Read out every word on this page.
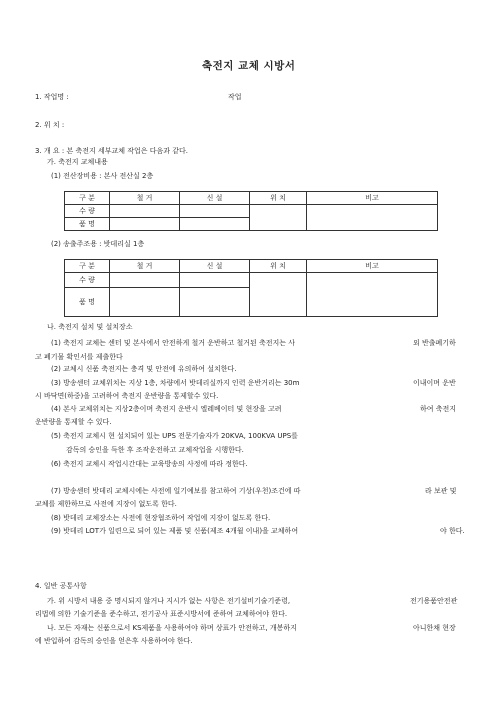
축전지 교체 시방서
1. 작업명 :	작업
2. 위 치 :
3. 개 요 : 본 축전지 세부교체 작업은 다음과 같다.
가. 축전지 교체내용
(1) 전산장비용 : 본사 전산실 2층
구 분	철 거	신 설	위 치	비고
수 량				
품 명				
(2) 송출주조용 : 밧데리실 1층
구 분	철 거	신 설	위 치	비고
수 량				
품 명				
나. 축전지 설치 및 설치장소
(1) 축전지 교체는 센터 및 본사에서 안전하게 철거 운반하고 철거된 축전지는 사	외 반출폐기하
고 폐기물 확인서를 제출한다
(2) 교체시 신품 축전지는 충격 및 안전에 유의하여 설치한다.
(3) 방송센터 교체위치는 지상 1층, 차량에서 밧데리실까지 인력 운반거리는 30m	이내이며 운반
시 바닥면(하중)을 고려하여 축전지 운반량을 통제할수 있다.
(4) 본사 교체위치는 지상2층이며 축전지 운반시 엘레베이터 및 현장을 고려	하여 축전지
운반량을 통제할 수 있다.
(5) 축전지 교체시 현 설치되어 있는 UPS 전문기술자가 20KVA, 100KVA UPS를
감독의 승인을 득한 후 조작운전하고 교체작업을 시행한다.
(6) 축전지 교체시 작업시간대는 교육방송의 사정에 따라 정한다.
(7) 방송센터 밧데리 교체시에는 사전에 일기예보를 참고하여 기상(우천)조건에 따	라 보관 및
교체를 제한하므로 사전에 지장이 없도록 한다.
(8) 밧데리 교체장소는 사전에 현장협조하여 작업에 지장이 없도록 한다.
(9) 밧데리 LOT가 일련으로 되어 있는 제품 및 신품(제조 4개월 이내)을 교체하여	야 한다.
4. 일반 공통사항
가. 위 시방서 내용 중 명시되지 않거나 지시가 없는 사항은 전기설비기술기준령,	전기용품안전관
리법에 의한 기술기준을 준수하고, 전기공사 표준시방서에 준하여 교체하여야 한다.
나. 모든 자재는 신품으로서 KS제품을 사용하여야 하며 상표가 안전하고, 개봉하지	아니한채 현장
에 반입하여 감독의 승인을 얻은후 사용하여야 한다.
